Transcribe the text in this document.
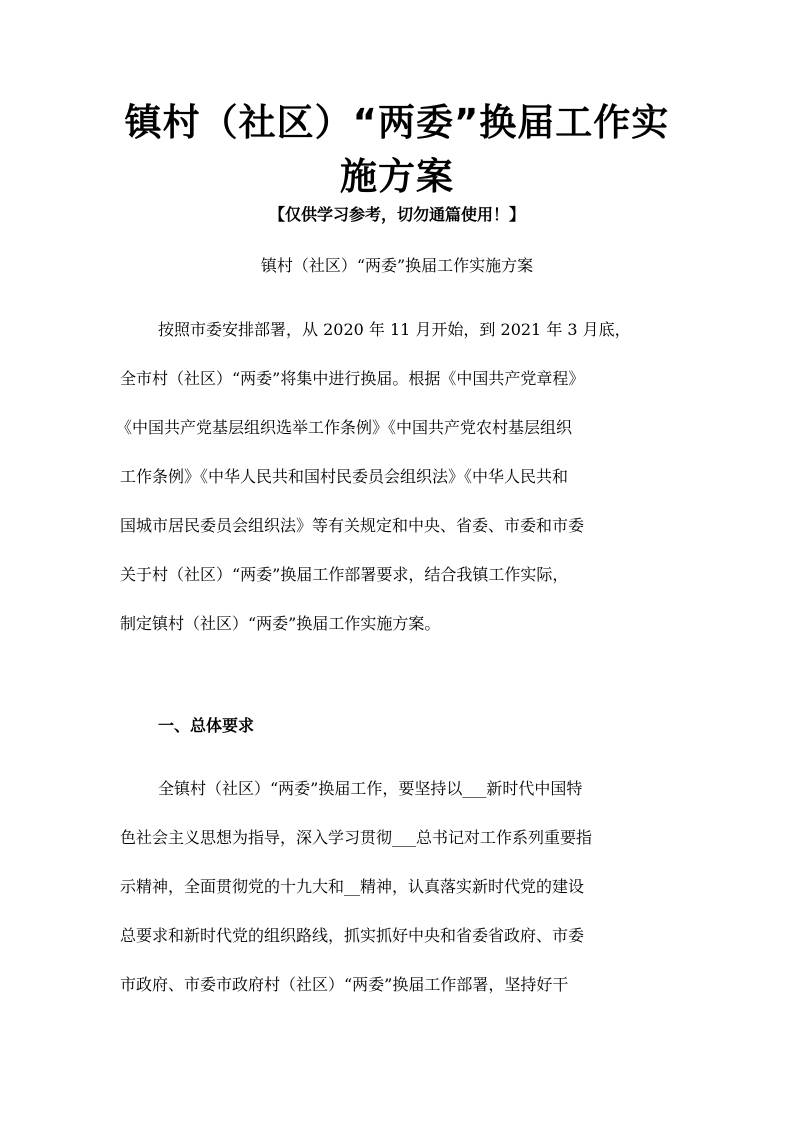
镇村（社区）“两委”换届工作实
施方案
【仅供学习参考，切勿通篇使用！】
镇村（社区）“两委”换届工作实施方案
按照市委安排部署，从 2020 年 11 月开始，到 2021 年 3 月底，
全市村（社区）“两委”将集中进行换届。根据《中国共产党章程》
《中国共产党基层组织选举工作条例》《中国共产党农村基层组织
工作条例》《中华人民共和国村民委员会组织法》《中华人民共和
国城市居民委员会组织法》等有关规定和中央、省委、市委和市委
关于村（社区）“两委”换届工作部署要求，结合我镇工作实际，
制定镇村（社区）“两委”换届工作实施方案。
一、总体要求
全镇村（社区）“两委”换届工作，要坚持以___新时代中国特
色社会主义思想为指导，深入学习贯彻___总书记对工作系列重要指
示精神，全面贯彻党的十九大和__精神，认真落实新时代党的建设
总要求和新时代党的组织路线，抓实抓好中央和省委省政府、市委
市政府、市委市政府村（社区）“两委”换届工作部署，坚持好干
